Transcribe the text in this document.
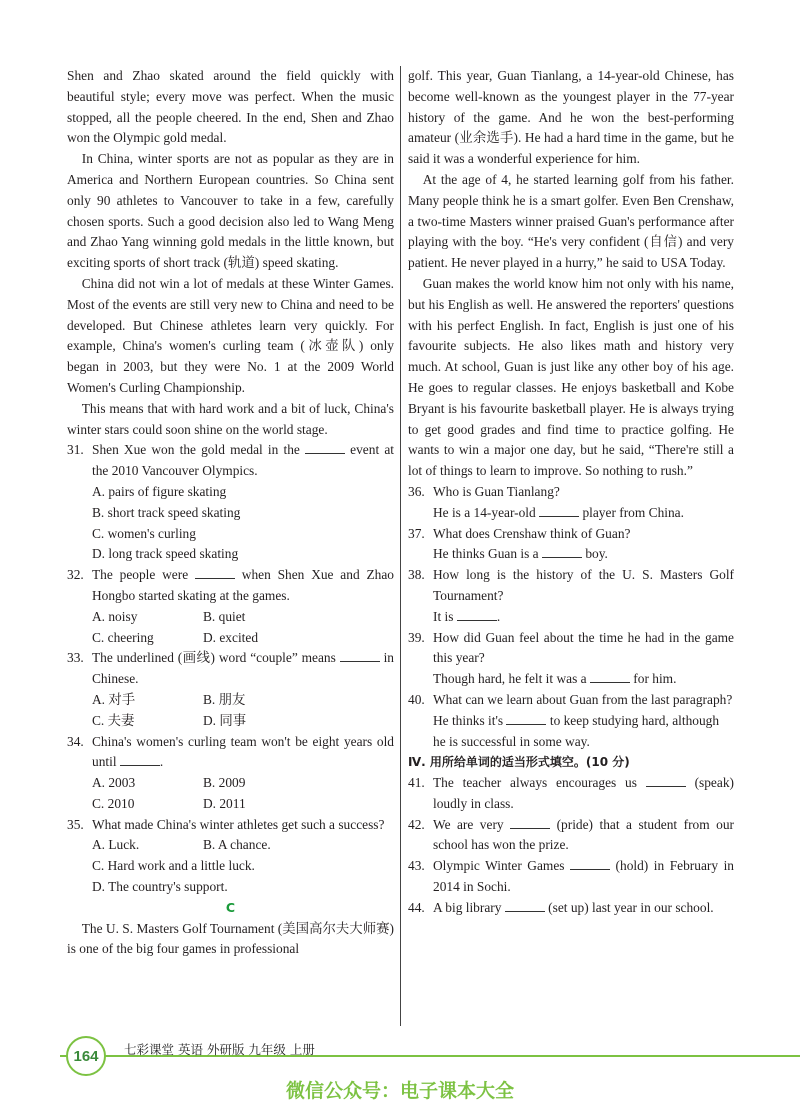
Shen and Zhao skated around the field quickly with beautiful style; every move was perfect. When the music stopped, all the people cheered. In the end, Shen and Zhao won the Olympic gold medal.

In China, winter sports are not as popular as they are in America and Northern European countries. So China sent only 90 athletes to Vancouver to take in a few, carefully chosen sports. Such a good decision also led to Wang Meng and Zhao Yang winning gold medals in the little known, but exciting sports of short track (轨道) speed skating.

China did not win a lot of medals at these Winter Games. Most of the events are still very new to China and need to be developed. But Chinese athletes learn very quickly. For example, China's women's curling team (冰壶队) only began in 2003, but they were No. 1 at the 2009 World Women's Curling Championship.

This means that with hard work and a bit of luck, China's winter stars could soon shine on the world stage.

31. Shen Xue won the gold medal in the	event at the 2010 Vancouver Olympics.
A. pairs of figure skating
B. short track speed skating
C. women's curling
D. long track speed skating
32. The people were	when Shen Xue and Zhao Hongbo started skating at the games.
A. noisy	B. quiet
C. cheering	D. excited
33. The underlined (画线) word “couple” means	in Chinese.
A. 对手	B. 朋友
C. 夫妻	D. 同事
34. China's women's curling team won't be eight years old until	.
A. 2003	B. 2009
C. 2010	D. 2011
35. What made China's winter athletes get such a success?
A. Luck.	B. A chance.
C. Hard work and a little luck.
D. The country's support.
C

The U. S. Masters Golf Tournament (美国高尔夫大师赛) is one of the big four games in professional

golf. This year, Guan Tianlang, a 14-year-old Chinese, has become well-known as the youngest player in the 77-year history of the game. And he won the best-performing amateur (业余选手). He had a hard time in the game, but he said it was a wonderful experience for him.

At the age of 4, he started learning golf from his father. Many people think he is a smart golfer. Even Ben Crenshaw, a two-time Masters winner praised Guan's performance after playing with the boy. “He's very confident (自信) and very patient. He never played in a hurry,” he said to USA Today.

Guan makes the world know him not only with his name, but his English as well. He answered the reporters' questions with his perfect English. In fact, English is just one of his favourite subjects. He also likes math and history very much. At school, Guan is just like any other boy of his age. He goes to regular classes. He enjoys basketball and Kobe Bryant is his favourite basketball player. He is always trying to get good grades and find time to practice golfing. He wants to win a major one day, but he said, “There're still a lot of things to learn to improve. So nothing to rush.”

36. Who is Guan Tianlang?
He is a 14-year-old	player from China.
37. What does Crenshaw think of Guan?
He thinks Guan is a	boy.
38. How long is the history of the U. S. Masters Golf Tournament?
It is	.
39. How did Guan feel about the time he had in the game this year?
Though hard, he felt it was a	for him.
40. What can we learn about Guan from the last paragraph?
He thinks it's	to keep studying hard, although he is successful in some way.
Ⅳ. 用所给单词的适当形式填空。(10 分)
41. The teacher always encourages us	(speak) loudly in class.
42. We are very	(pride) that a student from our school has won the prize.
43. Olympic Winter Games	(hold) in February in 2014 in Sochi.
44. A big library	(set up) last year in our school.
164	七彩课堂 英语 外研版 九年级 上册
微信公众号：电子课本大全
